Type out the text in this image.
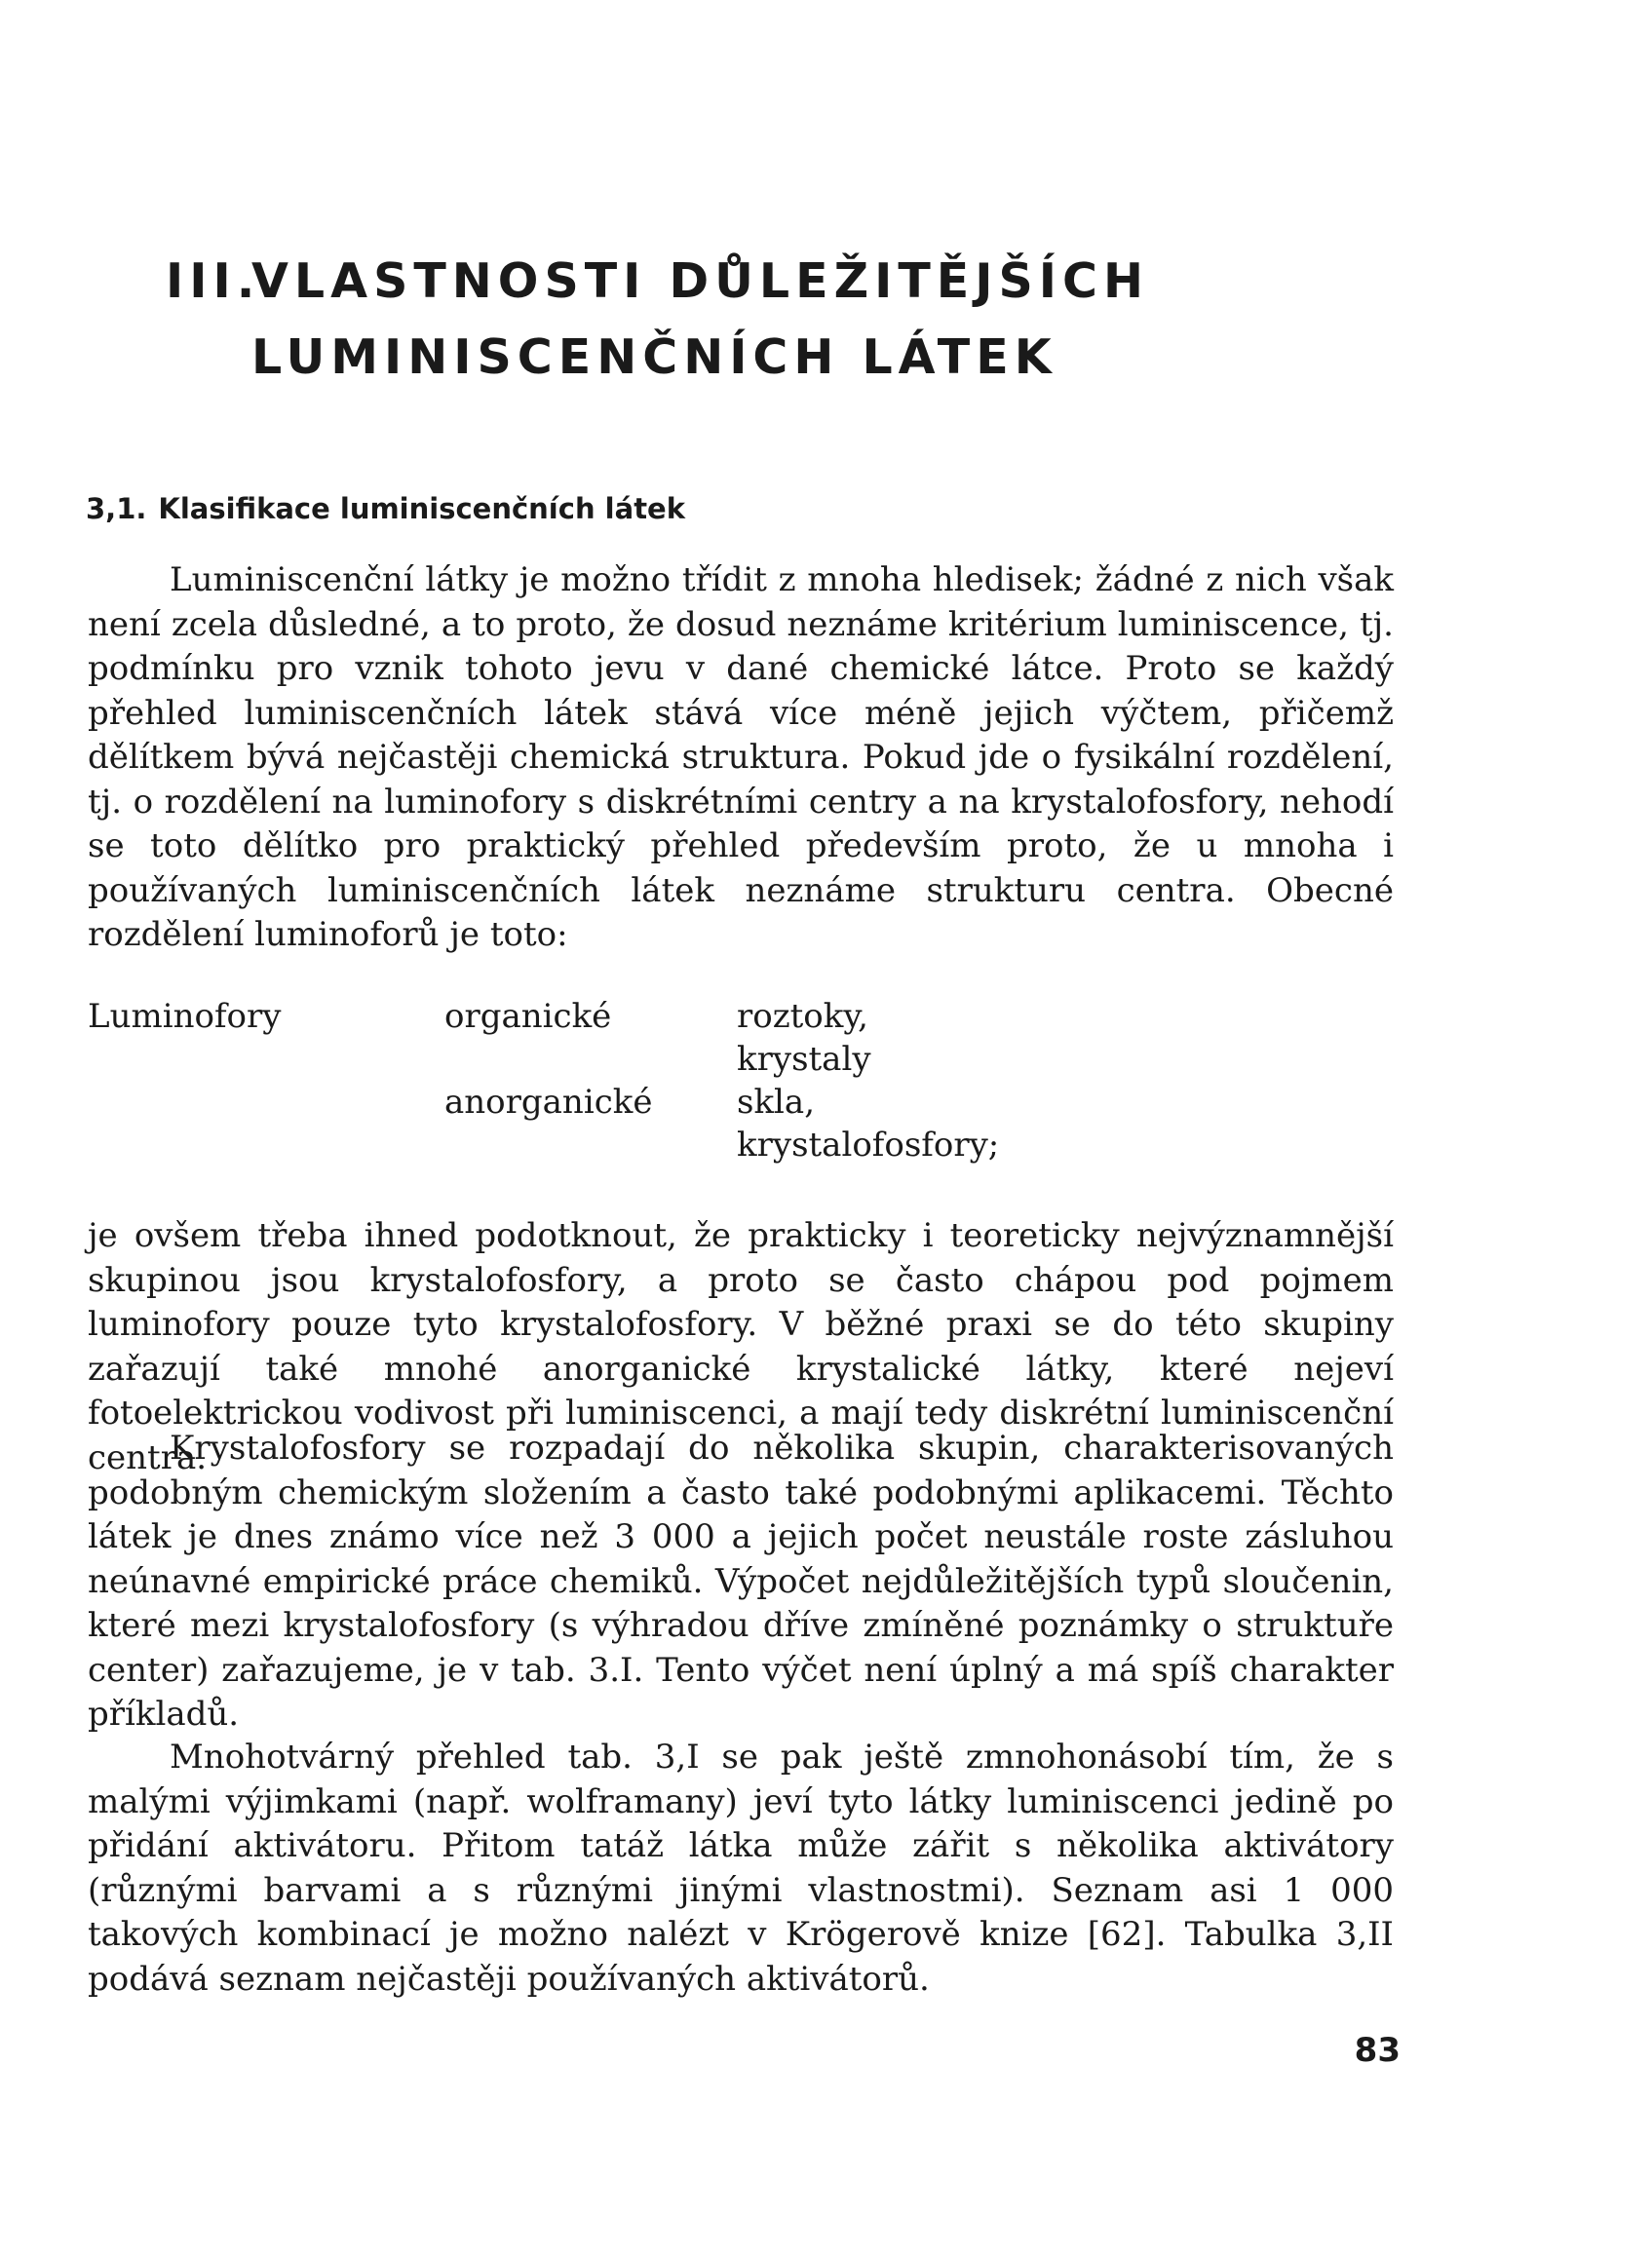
III.VLASTNOSTI DŮLEŽITĚJŠÍCH
LUMINISCENČNÍCH LÁTEK
3,1. Klasifikace luminiscenčních látek

Luminiscenční látky je možno třídit z mnoha hledisek; žádné z nich však není zcela důsledné, a to proto, že dosud neznáme kritérium luminiscence, tj. podmínku pro vznik tohoto jevu v dané chemické látce. Proto se každý přehled luminiscenčních látek stává více méně jejich výčtem, přičemž dělítkem bývá nejčastěji chemická struktura. Pokud jde o fysikální rozdělení, tj. o rozdělení na luminofory s diskrétními centry a na krystalofosfory, nehodí se toto dělítko pro praktický přehled především proto, že u mnoha i používaných luminiscenčních látek neznáme strukturu centra. Obecné rozdělení luminoforů je toto:

Luminofory	organické	roztoky,
krystaly
anorganické	skla,
krystalofosfory;

je ovšem třeba ihned podotknout, že prakticky i teoreticky nejvýznamnější skupinou jsou krystalofosfory, a proto se často chápou pod pojmem luminofory pouze tyto krystalofosfory. V běžné praxi se do této skupiny zařazují také mnohé anorganické krystalické látky, které nejeví fotoelektrickou vodivost při luminiscenci, a mají tedy diskrétní luminiscenční centra.

Krystalofosfory se rozpadají do několika skupin, charakterisovaných podobným chemickým složením a často také podobnými aplikacemi. Těchto látek je dnes známo více než 3 000 a jejich počet neustále roste zásluhou neúnavné empirické práce chemiků. Výpočet nejdůležitějších typů sloučenin, které mezi krystalofosfory (s výhradou dříve zmíněné poznámky o struktuře center) zařazujeme, je v tab. 3.I. Tento výčet není úplný a má spíš charakter příkladů.

Mnohotvárný přehled tab. 3,I se pak ještě zmnohonásobí tím, že s malými výjimkami (např. wolframany) jeví tyto látky luminiscenci jedině po přidání aktivátoru. Přitom tatáž látka může zářit s několika aktivátory (různými barvami a s různými jinými vlastnostmi). Seznam asi 1 000 takových kombinací je možno nalézt v Krögerově knize [62]. Tabulka 3,II podává seznam nejčastěji používaných aktivátorů.

83
